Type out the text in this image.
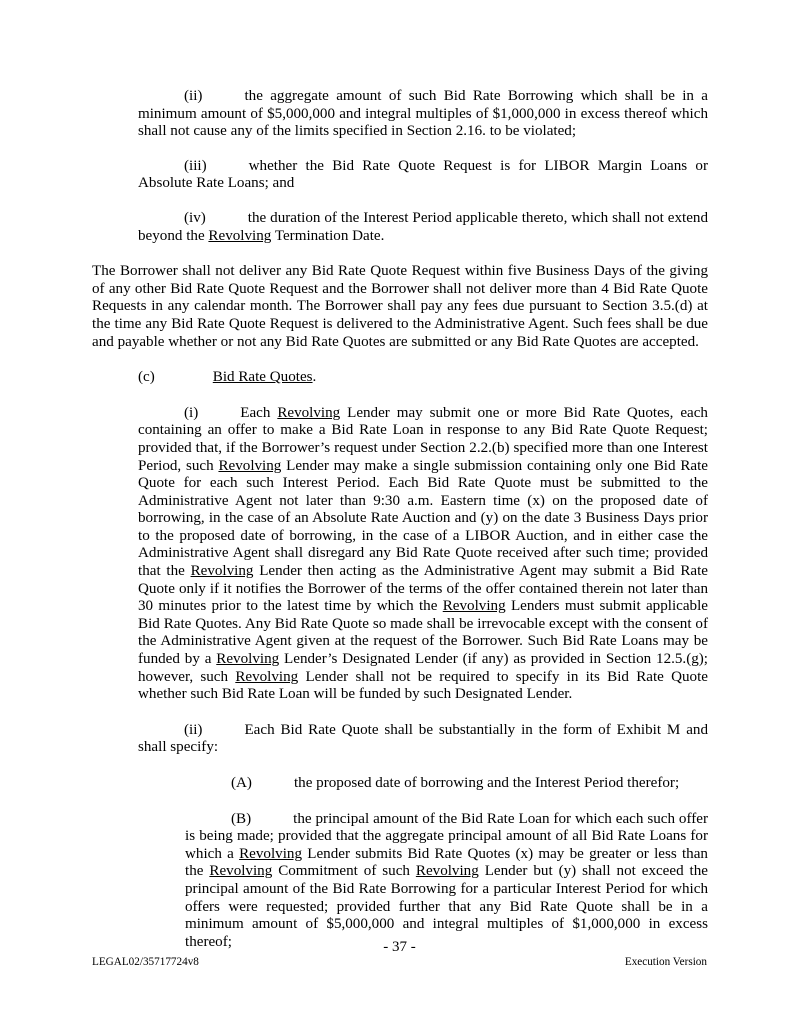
(ii)	the aggregate amount of such Bid Rate Borrowing which shall be in a minimum amount of $5,000,000 and integral multiples of $1,000,000 in excess thereof which shall not cause any of the limits specified in Section 2.16. to be violated;

(iii)	whether the Bid Rate Quote Request is for LIBOR Margin Loans or Absolute Rate Loans; and

(iv)	the duration of the Interest Period applicable thereto, which shall not extend beyond the Revolving Termination Date.

The Borrower shall not deliver any Bid Rate Quote Request within five Business Days of the giving of any other Bid Rate Quote Request and the Borrower shall not deliver more than 4 Bid Rate Quote Requests in any calendar month. The Borrower shall pay any fees due pursuant to Section 3.5.(d) at the time any Bid Rate Quote Request is delivered to the Administrative Agent. Such fees shall be due and payable whether or not any Bid Rate Quotes are submitted or any Bid Rate Quotes are accepted.

(c)	Bid Rate Quotes.

(i)	Each Revolving Lender may submit one or more Bid Rate Quotes, each containing an offer to make a Bid Rate Loan in response to any Bid Rate Quote Request; provided that, if the Borrower’s request under Section 2.2.(b) specified more than one Interest Period, such Revolving Lender may make a single submission containing only one Bid Rate Quote for each such Interest Period. Each Bid Rate Quote must be submitted to the Administrative Agent not later than 9:30 a.m. Eastern time (x) on the proposed date of borrowing, in the case of an Absolute Rate Auction and (y) on the date 3 Business Days prior to the proposed date of borrowing, in the case of a LIBOR Auction, and in either case the Administrative Agent shall disregard any Bid Rate Quote received after such time; provided that the Revolving Lender then acting as the Administrative Agent may submit a Bid Rate Quote only if it notifies the Borrower of the terms of the offer contained therein not later than 30 minutes prior to the latest time by which the Revolving Lenders must submit applicable Bid Rate Quotes. Any Bid Rate Quote so made shall be irrevocable except with the consent of the Administrative Agent given at the request of the Borrower. Such Bid Rate Loans may be funded by a Revolving Lender’s Designated Lender (if any) as provided in Section 12.5.(g); however, such Revolving Lender shall not be required to specify in its Bid Rate Quote whether such Bid Rate Loan will be funded by such Designated Lender.

(ii)	Each Bid Rate Quote shall be substantially in the form of Exhibit M and shall specify:

(A)	the proposed date of borrowing and the Interest Period therefor;

(B)	the principal amount of the Bid Rate Loan for which each such offer is being made; provided that the aggregate principal amount of all Bid Rate Loans for which a Revolving Lender submits Bid Rate Quotes (x) may be greater or less than the Revolving Commitment of such Revolving Lender but (y) shall not exceed the principal amount of the Bid Rate Borrowing for a particular Interest Period for which offers were requested; provided further that any Bid Rate Quote shall be in a minimum amount of $5,000,000 and integral multiples of $1,000,000 in excess thereof;	- 37 -
LEGAL02/35717724v8	Execution Version
